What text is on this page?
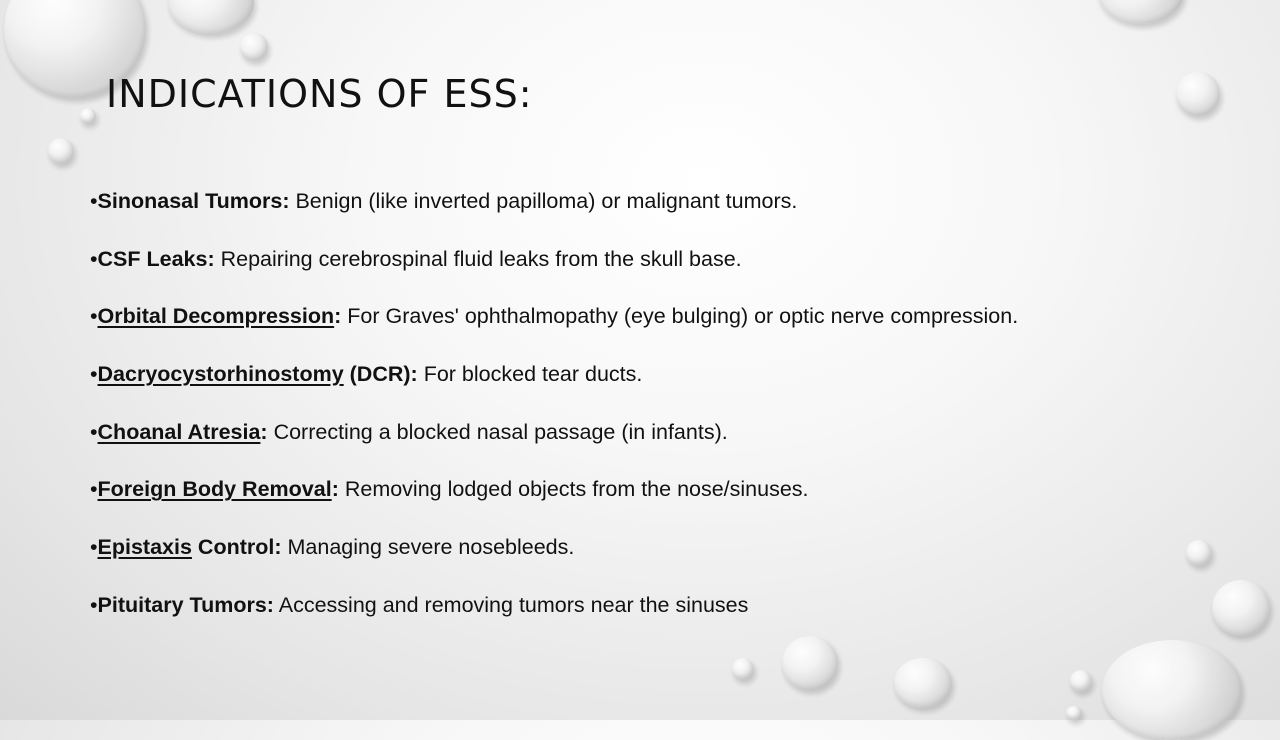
INDICATIONS OF ESS:
•Sinonasal Tumors: Benign (like inverted papilloma) or malignant tumors.
•CSF Leaks: Repairing cerebrospinal fluid leaks from the skull base.
•Orbital Decompression: For Graves' ophthalmopathy (eye bulging) or optic nerve compression.
•Dacryocystorhinostomy (DCR): For blocked tear ducts.
•Choanal Atresia: Correcting a blocked nasal passage (in infants).
•Foreign Body Removal: Removing lodged objects from the nose/sinuses.
•Epistaxis Control: Managing severe nosebleeds.
•Pituitary Tumors: Accessing and removing tumors near the sinuses
